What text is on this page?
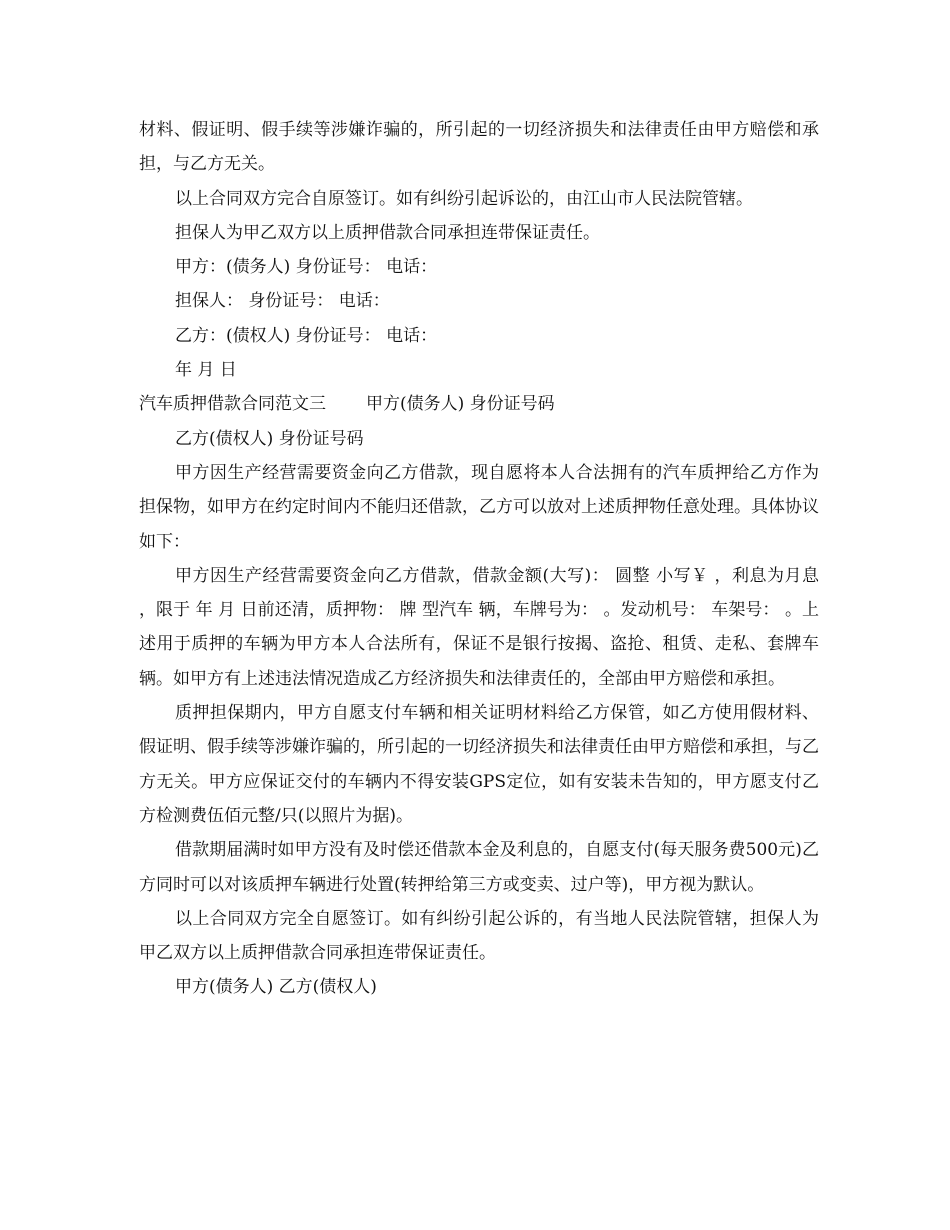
材料、假证明、假手续等涉嫌诈骗的，所引起的一切经济损失和法律责任由甲方赔偿和承担，与乙方无关。

以上合同双方完合自原签订。如有纠纷引起诉讼的，由江山市人民法院管辖。

担保人为甲乙双方以上质押借款合同承担连带保证责任。

甲方：(债务人) 身份证号： 电话：

担保人： 身份证号： 电话：

乙方：(债权人) 身份证号： 电话：

年 月 日

汽车质押借款合同范文三 甲方(债务人) 身份证号码

乙方(债权人) 身份证号码

甲方因生产经营需要资金向乙方借款，现自愿将本人合法拥有的汽车质押给乙方作为担保物，如甲方在约定时间内不能归还借款，乙方可以放对上述质押物任意处理。具体协议如下：

甲方因生产经营需要资金向乙方借款，借款金额(大写)： 圆整 小写￥ ，利息为月息 ，限于 年 月 日前还清，质押物： 牌 型汽车 辆，车牌号为： 。发动机号： 车架号： 。上述用于质押的车辆为甲方本人合法所有，保证不是银行按揭、盗抢、租赁、走私、套牌车辆。如甲方有上述违法情况造成乙方经济损失和法律责任的，全部由甲方赔偿和承担。

质押担保期内，甲方自愿支付车辆和相关证明材料给乙方保管，如乙方使用假材料、假证明、假手续等涉嫌诈骗的，所引起的一切经济损失和法律责任由甲方赔偿和承担，与乙方无关。甲方应保证交付的车辆内不得安装GPS定位，如有安装未告知的，甲方愿支付乙方检测费伍佰元整/只(以照片为据)。

借款期届满时如甲方没有及时偿还借款本金及利息的，自愿支付(每天服务费500元)乙方同时可以对该质押车辆进行处置(转押给第三方或变卖、过户等)，甲方视为默认。

以上合同双方完全自愿签订。如有纠纷引起公诉的，有当地人民法院管辖，担保人为甲乙双方以上质押借款合同承担连带保证责任。

甲方(债务人) 乙方(债权人)
